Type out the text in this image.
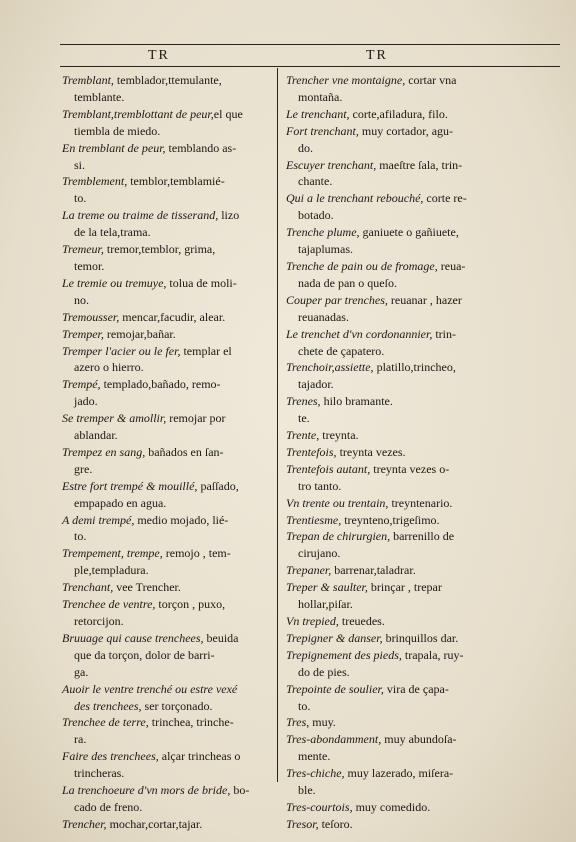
TR	TR
Tremblant, temblador,ttemulante,
temblante.
Tremblant,tremblottant de peur,el que
tiembla de miedo.
En tremblant de peur, temblando as-
si.
Tremblement, temblor,temblamié-
to.
La treme ou traime de tisserand, lizo
de la tela,trama.
Tremeur, tremor,temblor, grima,
temor.
Le tremie ou tremuye, tolua de moli-
no.
Tremousser, mencar,facudir, alear.
Tremper, remojar,bañar.
Tremper l'acier ou le fer, templar el
azero o hierro.
Trempé, templado,bañado, remo-
jado.
Se tremper & amollir, remojar por
ablandar.
Trempez en sang, bañados en ſan-
gre.
Estre fort trempé & mouillé, paſſado,
empapado en agua.
A demi trempé, medio mojado, lié-
to.
Trempement, trempe, remojo , tem-
ple,templadura.
Trenchant, vee Trencher.
Trenchee de ventre, torçon , puxo,
retorcijon.
Bruuage qui cause trenchees, beuida
que da torçon, dolor de barri-
ga.
Auoir le ventre trenché ou estre vexé
des trenchees, ser torçonado.
Trenchee de terre, trinchea, trinche-
ra.
Faire des trenchees, alçar trincheas o
trincheras.
La trenchoeure d'vn mors de bride, bo-
cado de freno.
Trencher, mochar,cortar,tajar.
Trencher vne montaigne, cortar vna
montaña.
Le trenchant, corte,afiladura, filo.
Fort trenchant, muy cortador, agu-
do.
Escuyer trenchant, maeſtre ſala, trin-
chante.
Qui a le trenchant rebouché, corte re-
botado.
Trenche plume, ganiuete o gañiuete,
tajaplumas.
Trenche de pain ou de fromage, reua-
nada de pan o queſo.
Couper par trenches, reuanar , hazer
reuanadas.
Le trenchet d'vn cordonannier, trin-
chete de çapatero.
Trenchoir,assiette, platillo,trincheo,
tajador.
Trenes, hilo bramante.
te.
Trente, treynta.
Trentefois, treynta vezes.
Trentefois autant, treynta vezes o-
tro tanto.
Vn trente ou trentain, treyntenario.
Trentiesme, treynteno,trigeſimo.
Trepan de chirurgien, barrenillo de
cirujano.
Trepaner, barrenar,taladrar.
Treper & saulter, brinçar , trepar
hollar,piſar.
Vn trepied, treuedes.
Trepigner & danser, brinquillos dar.
Trepignement des pieds, trapala, ruy-
do de pies.
Trepointe de soulier, vira de çapa-
to.
Tres, muy.
Tres-abondamment, muy abundoſa-
mente.
Tres-chiche, muy lazerado, miſera-
ble.
Tres-courtois, muy comedido.
Tresor, teſoro.
